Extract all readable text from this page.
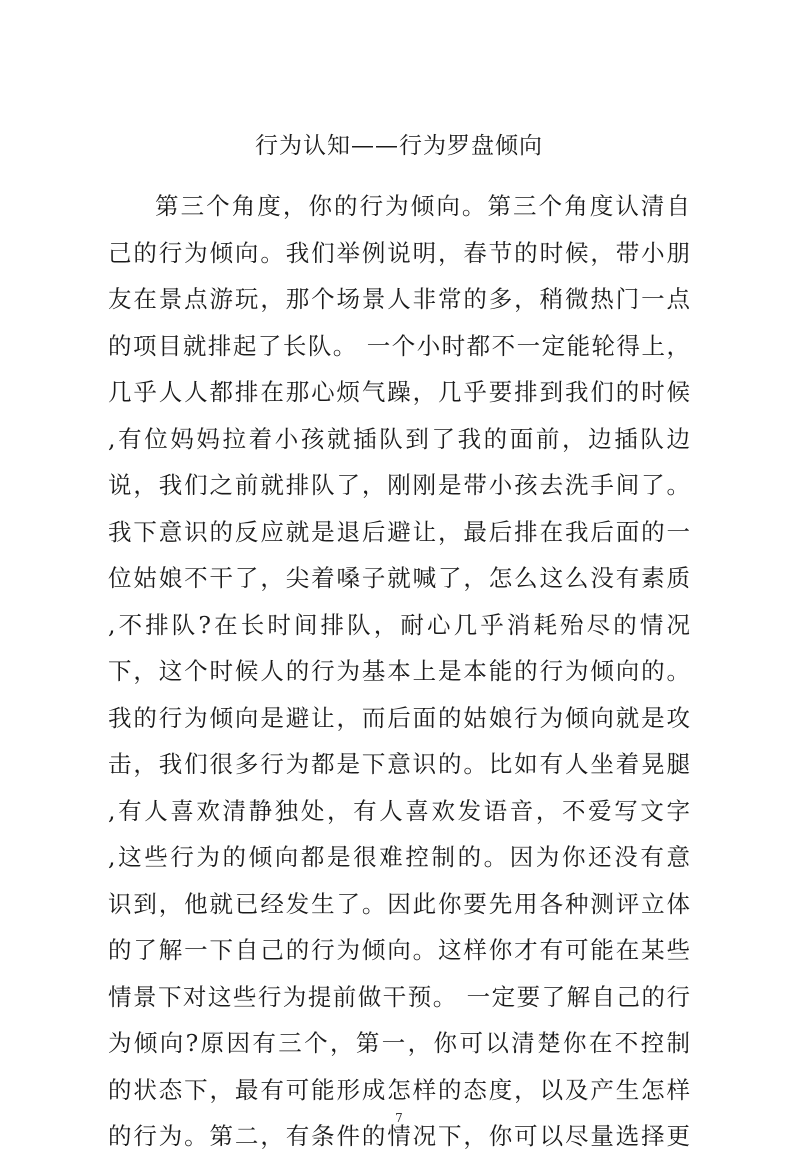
行为认知——行为罗盘倾向
第三个角度，你的行为倾向。第三个角度认清自
己的行为倾向。我们举例说明，春节的时候，带小朋
友在景点游玩，那个场景人非常的多，稍微热门一点
的项目就排起了长队。 一个小时都不一定能轮得上，
几乎人人都排在那心烦气躁，几乎要排到我们的时候
,有位妈妈拉着小孩就插队到了我的面前，边插队边
说，我们之前就排队了，刚刚是带小孩去洗手间了。
我下意识的反应就是退后避让，最后排在我后面的一
位姑娘不干了，尖着嗓子就喊了，怎么这么没有素质
,不排队?在长时间排队，耐心几乎消耗殆尽的情况
下，这个时候人的行为基本上是本能的行为倾向的。
我的行为倾向是避让，而后面的姑娘行为倾向就是攻
击，我们很多行为都是下意识的。比如有人坐着晃腿
,有人喜欢清静独处，有人喜欢发语音，不爱写文字
,这些行为的倾向都是很难控制的。因为你还没有意
识到，他就已经发生了。因此你要先用各种测评立体
的了解一下自己的行为倾向。这样你才有可能在某些
情景下对这些行为提前做干预。 一定要了解自己的行
为倾向?原因有三个，第一，你可以清楚你在不控制
的状态下，最有可能形成怎样的态度，以及产生怎样
的行为。第二，有条件的情况下，你可以尽量选择更
7
